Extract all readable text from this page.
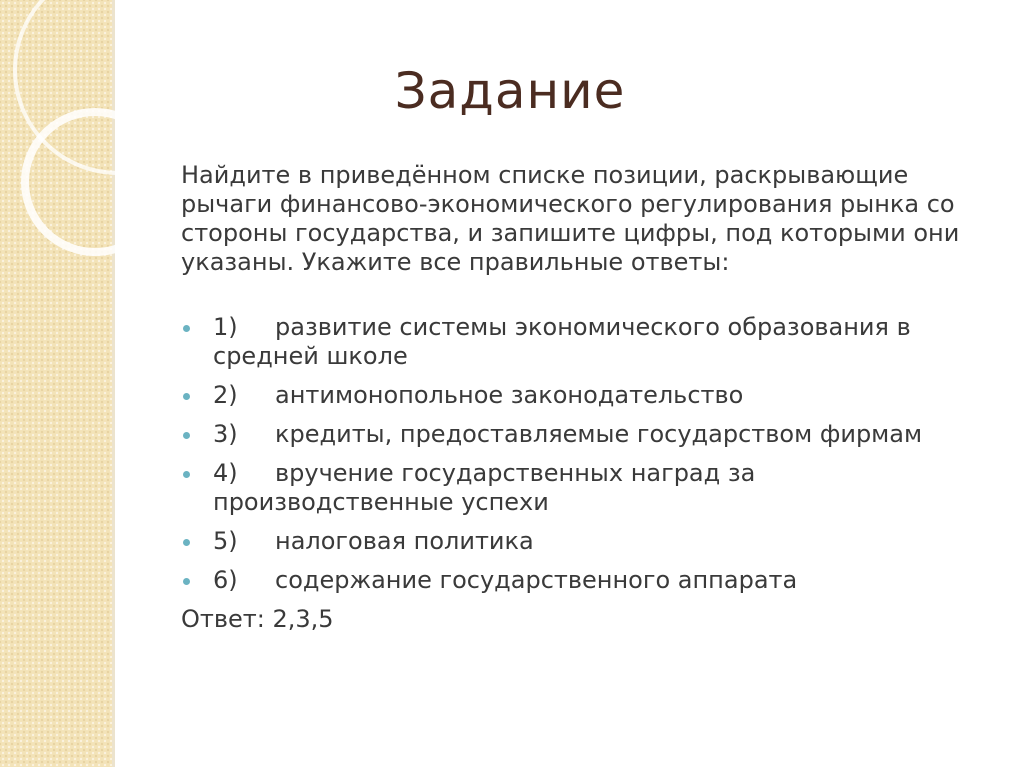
Задание

Найдите в приведённом списке позиции, раскрывающие рычаги финансово-экономического регулирования рынка со стороны государства, и запишите цифры, под которыми они указаны. Укажите все правильные ответы:

1) развитие системы экономического образования в средней школе
2) антимонопольное законодательство
3) кредиты, предоставляемые государством фирмам
4) вручение государственных наград за производственные успехи
5) налоговая политика
6) содержание государственного аппарата

Ответ: 2,3,5
